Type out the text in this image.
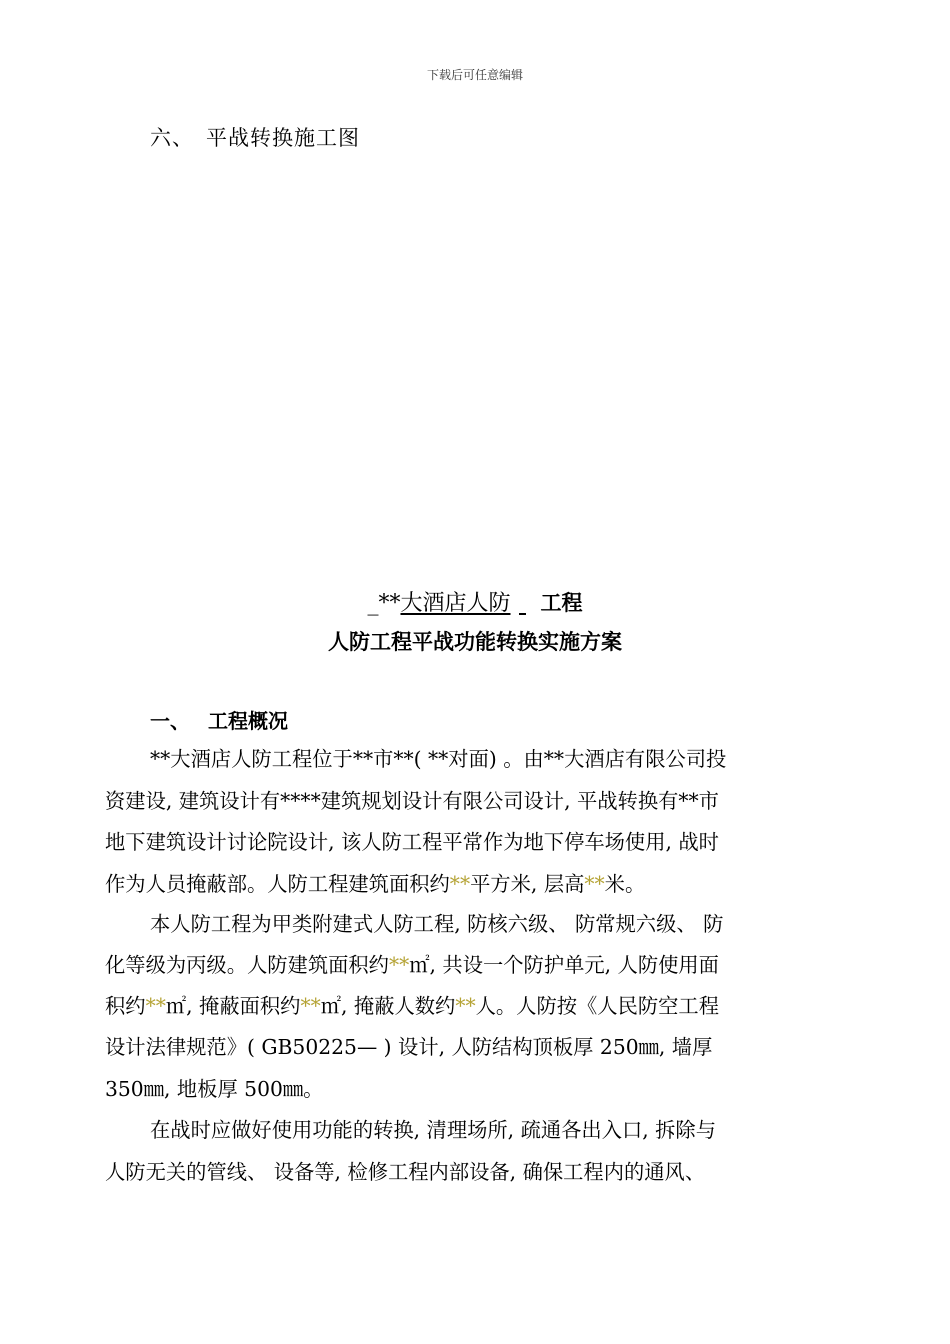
下载后可任意编辑
六、 平战转换施工图
_**大酒店人防 工程
人防工程平战功能转换实施方案
一、 工程概况
**大酒店人防工程位于**市**( **对面) 。由**大酒店有限公司投
资建设, 建筑设计有****建筑规划设计有限公司设计, 平战转换有**市
地下建筑设计讨论院设计, 该人防工程平常作为地下停车场使用, 战时
作为人员掩蔽部。人防工程建筑面积约**平方米, 层高**米。
本人防工程为甲类附建式人防工程, 防核六级、 防常规六级、 防
化等级为丙级。人防建筑面积约**㎡, 共设一个防护单元, 人防使用面
积约**㎡, 掩蔽面积约**㎡, 掩蔽人数约**人。人防按《人民防空工程
设计法律规范》( GB50225— ) 设计, 人防结构顶板厚 250㎜, 墙厚
350㎜, 地板厚 500㎜。
在战时应做好使用功能的转换, 清理场所, 疏通各出入口, 拆除与
人防无关的管线、 设备等, 检修工程内部设备, 确保工程内的通风、
